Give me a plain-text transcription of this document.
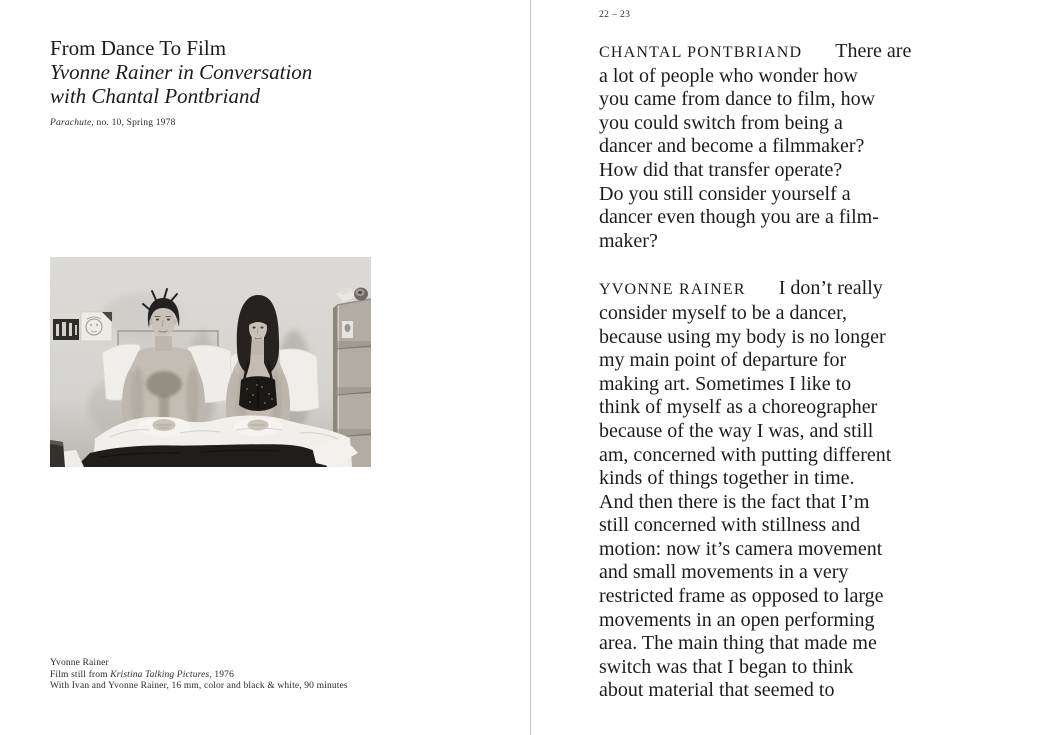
From Dance To Film
Yvonne Rainer in Conversation
with Chantal Pontbriand
Parachute, no. 10, Spring 1978
Yvonne Rainer
Film still from Kristina Talking Pictures, 1976
With Ivan and Yvonne Rainer, 16 mm, color and black & white, 90 minutes
22 – 23
CHANTAL PONTBRIAND There are
a lot of people who wonder how
you came from dance to film, how
you could switch from being a
dancer and become a filmmaker?
How did that transfer operate?
Do you still consider yourself a
dancer even though you are a film-
maker?
YVONNE RAINER I don’t really
consider myself to be a dancer,
because using my body is no longer
my main point of departure for
making art. Sometimes I like to
think of myself as a choreographer
because of the way I was, and still
am, concerned with putting different
kinds of things together in time.
And then there is the fact that I’m
still concerned with stillness and
motion: now it’s camera movement
and small movements in a very
restricted frame as opposed to large
movements in an open performing
area. The main thing that made me
switch was that I began to think
about material that seemed to
